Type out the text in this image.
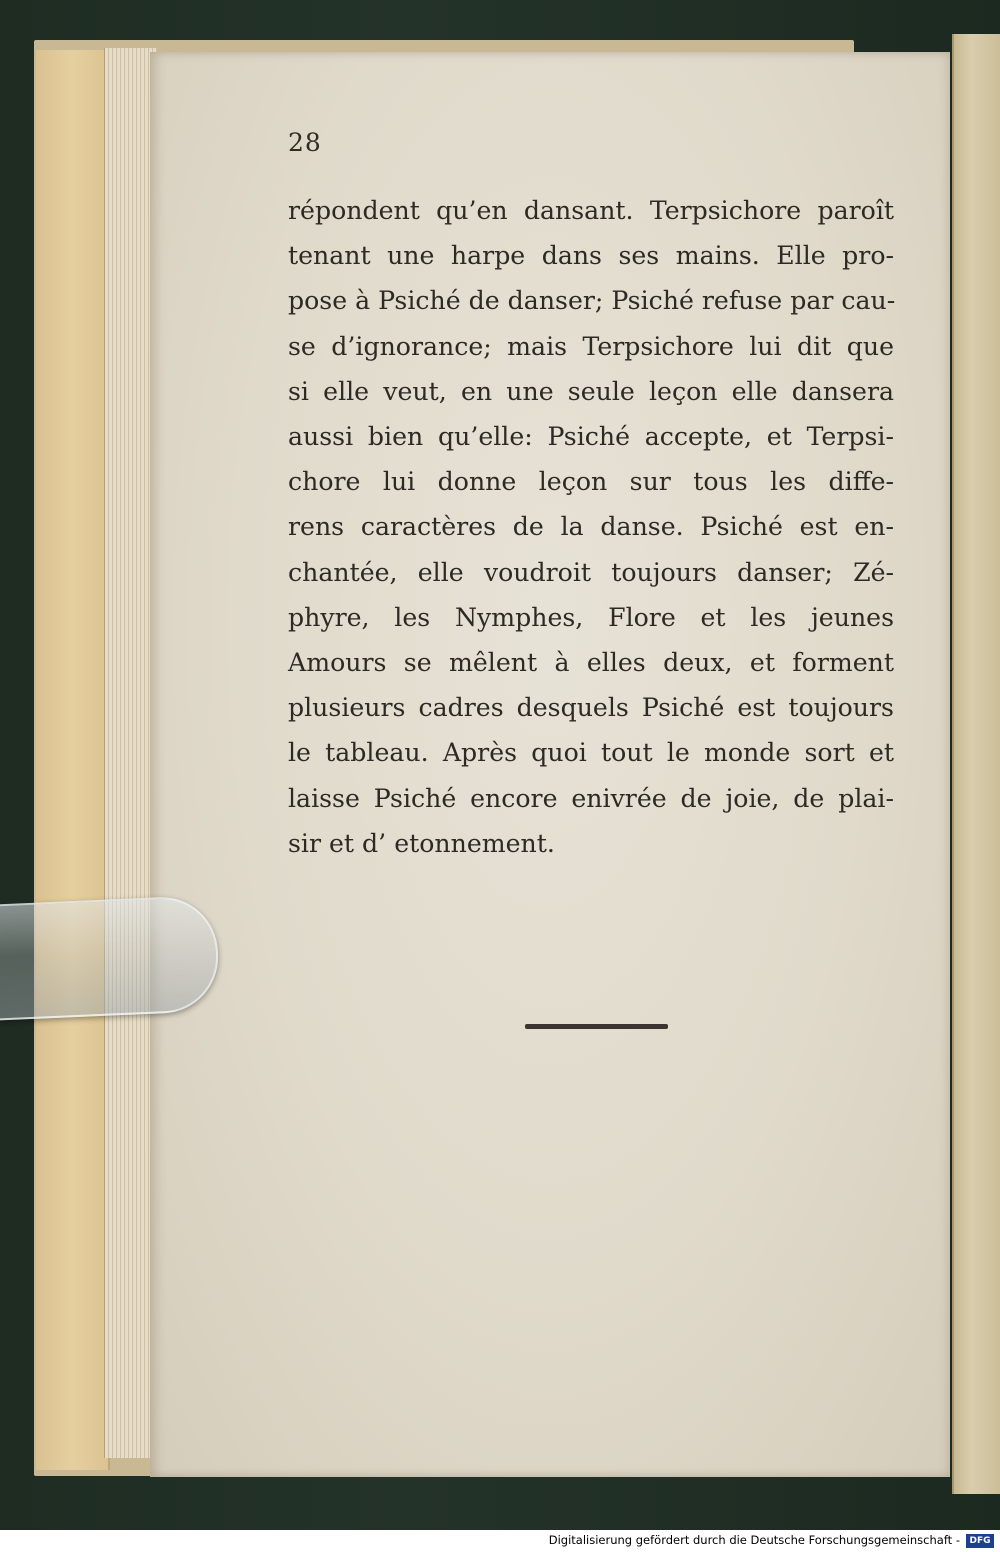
28
répondent qu’en dansant. Terpsichore paroît
tenant une harpe dans ses mains. Elle pro-
pose à Psiché de danser; Psiché refuse par cau-
se d’ignorance; mais Terpsichore lui dit que
si elle veut, en une seule leçon elle dansera
aussi bien qu’elle: Psiché accepte, et Terpsi-
chore lui donne leçon sur tous les diffe-
rens caractères de la danse. Psiché est en-
chantée, elle voudroit toujours danser; Zé-
phyre, les Nymphes, Flore et les jeunes
Amours se mêlent à elles deux, et forment
plusieurs cadres desquels Psiché est toujours
le tableau. Après quoi tout le monde sort et
laisse Psiché encore enivrée de joie, de plai-
sir et d’ etonnement.
Digitalisierung gefördert durch die Deutsche Forschungsgemeinschaft -	DFG
